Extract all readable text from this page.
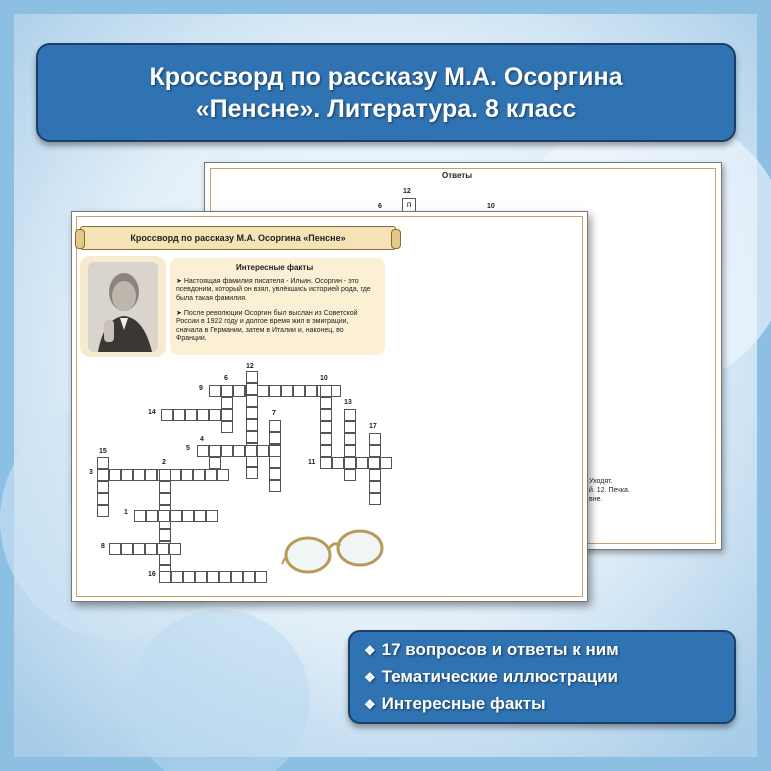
Кроссворд по рассказу М.А. Осоргина
«Пенсне». Литература. 8 класс
Ответы
12
6	10
п
Уходят.
й. 12. Печка.
вне.
Кроссворд по рассказу М.А. Осоргина «Пенсне»
Интересные факты
➤ Настоящая фамилия писателя - Ильин. Осоргин - это псевдоним, который он взял, увлёкшись историей рода, где была такая фамилия.
➤ После революции Осоргин был выслан из Советской России в 1922 году и долгое время жил в эмиграции, сначала в Германии, затем в Италии и, наконец, во Франции.
12
6	10
9
13
14	7
17
4
5
15
11
2
3
1
8
16
❖ 17 вопросов и ответы к ним
❖ Тематические иллюстрации
❖ Интересные факты
